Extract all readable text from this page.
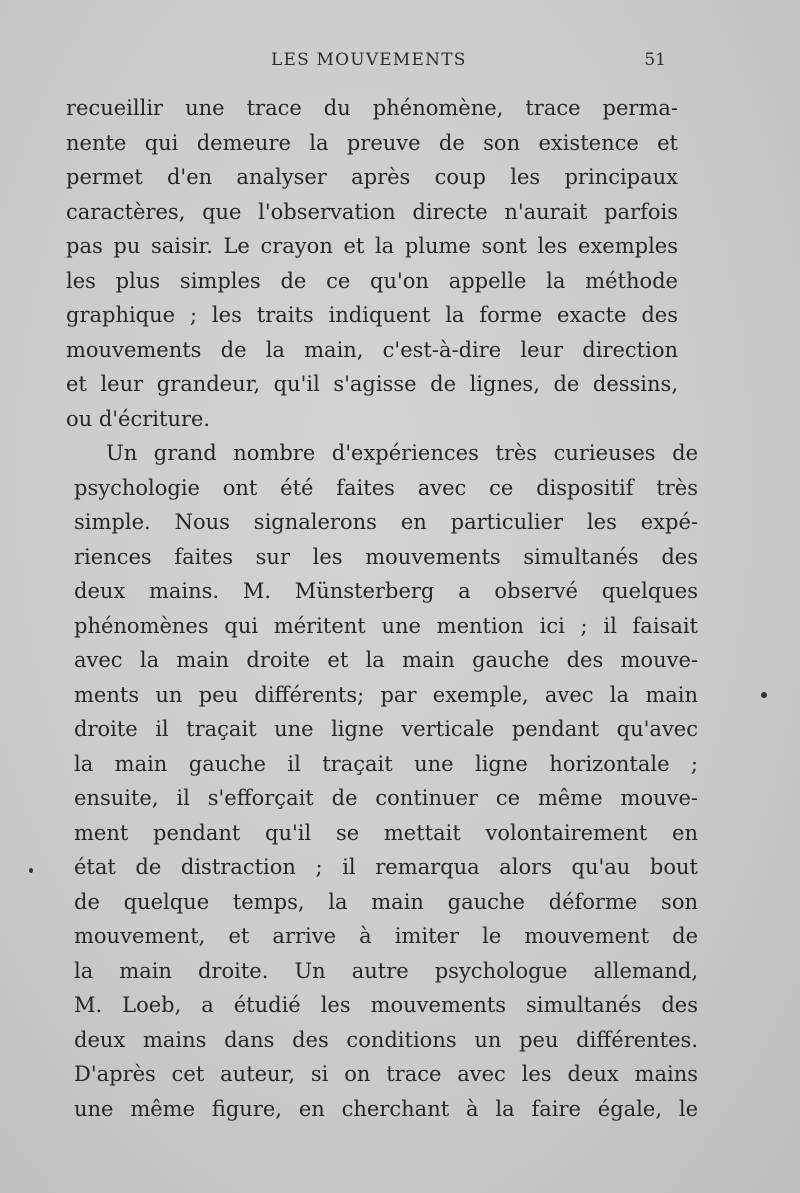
LES MOUVEMENTS	51
recueillir une trace du phénomène, trace perma-
nente qui demeure la preuve de son existence et
permet d'en analyser après coup les principaux
caractères, que l'observation directe n'aurait parfois
pas pu saisir. Le crayon et la plume sont les exemples
les plus simples de ce qu'on appelle la méthode
graphique ; les traits indiquent la forme exacte des
mouvements de la main, c'est-à-dire leur direction
et leur grandeur, qu'il s'agisse de lignes, de dessins,
ou d'écriture.
Un grand nombre d'expériences très curieuses de
psychologie ont été faites avec ce dispositif très
simple. Nous signalerons en particulier les expé-
riences faites sur les mouvements simultanés des
deux mains. M. Münsterberg a observé quelques
phénomènes qui méritent une mention ici ; il faisait
avec la main droite et la main gauche des mouve-
ments un peu différents; par exemple, avec la main
droite il traçait une ligne verticale pendant qu'avec
la main gauche il traçait une ligne horizontale ;
ensuite, il s'efforçait de continuer ce même mouve-
ment pendant qu'il se mettait volontairement en
état de distraction ; il remarqua alors qu'au bout
de quelque temps, la main gauche déforme son
mouvement, et arrive à imiter le mouvement de
la main droite. Un autre psychologue allemand,
M. Loeb, a étudié les mouvements simultanés des
deux mains dans des conditions un peu différentes.
D'après cet auteur, si on trace avec les deux mains
une même figure, en cherchant à la faire égale, le
